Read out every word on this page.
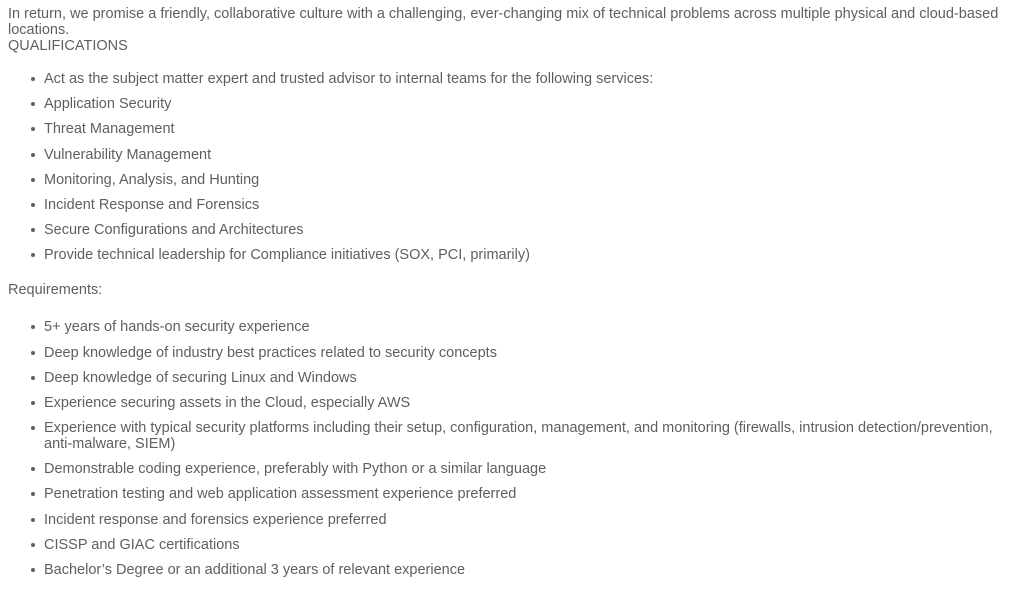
In return, we promise a friendly, collaborative culture with a challenging, ever-changing mix of technical problems across multiple physical and cloud-based locations.

QUALIFICATIONS

Act as the subject matter expert and trusted advisor to internal teams for the following services:
Application Security
Threat Management
Vulnerability Management
Monitoring, Analysis, and Hunting
Incident Response and Forensics
Secure Configurations and Architectures
Provide technical leadership for Compliance initiatives (SOX, PCI, primarily)

Requirements:

5+ years of hands-on security experience
Deep knowledge of industry best practices related to security concepts
Deep knowledge of securing Linux and Windows
Experience securing assets in the Cloud, especially AWS
Experience with typical security platforms including their setup, configuration, management, and monitoring (firewalls, intrusion detection/prevention, anti-malware, SIEM)
Demonstrable coding experience, preferably with Python or a similar language
Penetration testing and web application assessment experience preferred
Incident response and forensics experience preferred
CISSP and GIAC certifications
Bachelor’s Degree or an additional 3 years of relevant experience
